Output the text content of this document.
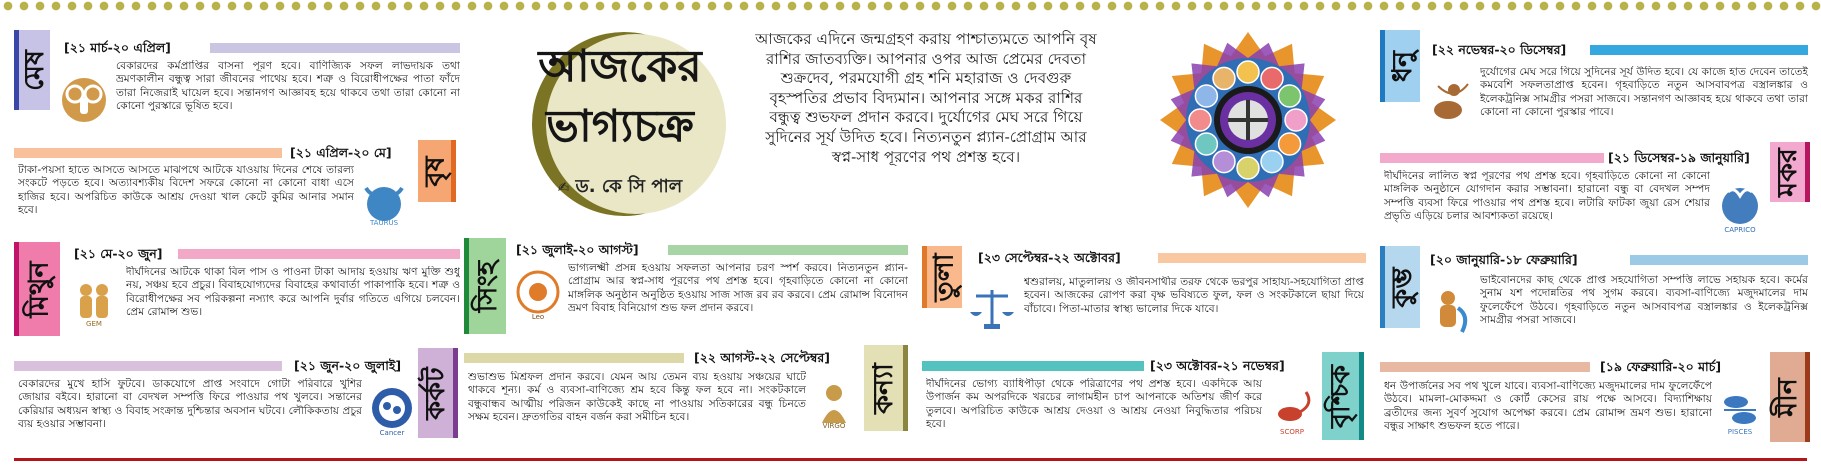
আজকের
ভাগ্যচক্র
✍ ড. কে সি পাল
আজকের এদিনে জন্মগ্রহণ করায় পাশ্চাত্যমতে আপনি বৃষ রাশির জাতব্যক্তি। আপনার ওপর আজ প্রেমের দেবতা শুক্রদেব, পরমযোগী গ্রহ শনি মহারাজ ও দেবগুরু বৃহস্পতির প্রভাব বিদ্যমান। আপনার সঙ্গে মকর রাশির বন্ধুত্ব শুভফল প্রদান করবে। দুর্যোগের মেঘ সরে গিয়ে সুদিনের সূর্য উদিত হবে। নিত্যনতুন প্ল্যান-প্রোগ্রাম আর স্বপ্ন-সাধ পূরণের পথ প্রশস্ত হবে।
মেষ
[২১ মার্চ-২০ এপ্রিল]
বেকারদের কর্মপ্রাপ্তির বাসনা পূরণ হবে। বাণিজ্যিক সফল লাভদায়ক তথা ভ্রমণকালীন বন্ধুত্ব সারা জীবনের পাথেয় হবে। শত্রু ও বিরোধীপক্ষের পাতা ফাঁদে তারা নিজেরাই ঘায়েল হবে। সন্তানগণ আজ্ঞাবহ হয়ে থাকবে তথা তারা কোনো না কোনো পুরস্কারে ভূষিত হবে।
বৃষ
[২১ এপ্রিল-২০ মে]
TAURUS
টাকা-পয়সা হাতে আসতে আসতে মাঝপথে আটকে যাওয়ায় দিনের শেষে তারল্য সংকটে পড়তে হবে। অত্যাবশ্যকীয় বিদেশ সফরে কোনো না কোনো বাধা এসে হাজির হবে। অপরিচিত কাউকে আশ্রয় দেওয়া খাল কেটে কুমির আনার সমান হবে।
মিথুন
[২১ মে-২০ জুন]
GEM
দীর্ঘদিনের আটকে থাকা বিল পাস ও পাওনা টাকা আদায় হওয়ায় ঋণ মুক্তি শুধু নয়, সঞ্চয় হবে প্রচুর। বিবাহযোগ্যদের বিবাহের কথাবার্তা পাকাপাকি হবে। শত্রু ও বিরোধীপক্ষের সব পরিকল্পনা নস্যাৎ করে আপনি দুর্বার গতিতে এগিয়ে চলবেন। প্রেম রোমান্স শুভ।
কর্কট
[২১ জুন-২০ জুলাই]
Cancer
বেকারদের মুখে হাসি ফুটবে। ডাকযোগে প্রাপ্ত সংবাদে গোটা পরিবারে খুশির জোয়ার বইবে। হারানো বা বেদখল সম্পত্তি ফিরে পাওয়ার পথ খুলবে। সন্তানের কেরিয়ার অধ্যয়ন স্বাস্থ্য ও বিবাহ সংক্রান্ত দুশ্চিন্তার অবসান ঘটবে। লৌকিকতায় প্রচুর ব্যয় হওয়ার সম্ভাবনা।
সিংহ
[২১ জুলাই-২০ আগস্ট]
Leo
ভাগ্যলক্ষ্মী প্রসন্ন হওয়ায় সফলতা আপনার চরণ স্পর্শ করবে। নিত্যনতুন প্ল্যান-প্রোগ্রাম আর স্বপ্ন-সাধ পূরণের পথ প্রশস্ত হবে। গৃহবাড়িতে কোনো না কোনো মাঙ্গলিক অনুষ্ঠান অনুষ্ঠিত হওয়ায় সাজ সাজ রব রব করবে। প্রেম রোমান্স বিনোদন ভ্রমণ বিবাহ বিনিয়োগ শুভ ফল প্রদান করবে।
কন্যা
[২২ আগস্ট-২২ সেপ্টেম্বর]
VIRGO
শুভাশুভ মিশ্রফল প্রদান করবে। যেমন আয় তেমন ব্যয় হওয়ায় সঞ্চয়ের ঘাটে থাকবে শূন্য। কর্ম ও ব্যবসা-বাণিজ্যে শ্রম হবে কিন্তু ফল হবে না। সংকটকালে বন্ধুবান্ধব আত্মীয় পরিজন কাউকেই কাছে না পাওয়ায় সতিকারের বন্ধু চিনতে সক্ষম হবেন। দ্রুতগতির বাহন বর্জন করা সমীচিন হবে।
তুলা [২৩ সেপ্টেম্বর-২২ অক্টোবর]
শ্বশুরালয়, মাতুলালয় ও জীবনসাথীর তরফ থেকে ভরপুর সাহায্য-সহযোগিতা প্রাপ্ত হবেন। আজকের রোপণ করা বৃক্ষ ভবিষ্যতে ফুল, ফল ও সংকটকালে ছায়া দিয়ে বাঁচাবে। পিতা-মাতার স্বাস্থ্য ভালোর দিকে যাবে।
বৃশ্চিক
[২৩ অক্টোবর-২১ নভেম্বর]
SCORP
দীর্ঘদিনের ভোগ্য ব্যাধিপীড়া থেকে পরিত্রাণের পথ প্রশস্ত হবে। একদিকে আয় উপার্জন কম অপরদিকে খরচের লাগামহীন চাপ আপনাকে অতিশয় জীর্ণ করে তুলবে। অপরিচিত কাউকে আশ্রয় দেওয়া ও আশ্রয় নেওয়া নিবুদ্ধিতার পরিচয় হবে।
ধনু
[২২ নভেম্বর-২০ ডিসেম্বর]
দুর্যোগের মেঘ সরে গিয়ে সুদিনের সূর্য উদিত হবে। যে কাজে হাত দেবেন তাতেই কমবেশি সফলতাপ্রাপ্ত হবেন। গৃহবাড়িতে নতুন আসবাবপত্র বস্ত্রালঙ্কার ও ইলেকট্রনিক্স সামগ্রীর পসরা সাজবে। সন্তানগণ আজ্ঞাবহ হয়ে থাকবে তথা তারা কোনো না কোনো পুরস্কার পাবে।
মকর
[২১ ডিসেম্বর-১৯ জানুয়ারি]
CAPRICO
দীর্ঘদিনের লালিত স্বপ্ন পূরণের পথ প্রশস্ত হবে। গৃহবাড়িতে কোনো না কোনো মাঙ্গলিক অনুষ্ঠানে যোগদান করার সম্ভাবনা। হারানো বন্ধু বা বেদখল সম্পদ সম্পত্তি ব্যবসা ফিরে পাওয়ার পথ প্রশস্ত হবে। লটারি ফাটকা জুয়া রেস শেয়ার প্রভৃতি এড়িয়ে চলার আবশ্যকতা রয়েছে।
কুম্ভ
[২০ জানুয়ারি-১৮ ফেব্রুয়ারি]
ভাইবোনদের কাছ থেকে প্রাপ্ত সহযোগিতা সম্পত্তি লাভে সহায়ক হবে। কর্মের সুনাম যশ পদোন্নতির পথ সুগম করবে। ব্যবসা-বাণিজ্যে মজুদমালের দাম ফুলেফেঁপে উঠবে। গৃহবাড়িতে নতুন আসবাবপত্র বস্ত্রালঙ্কার ও ইলেকট্রনিক্স সামগ্রীর পসরা সাজবে।
মীন
[১৯ ফেব্রুয়ারি-২০ মার্চ]
PISCES
ধন উপার্জনের সব পথ খুলে যাবে। ব্যবসা-বাণিজ্যে মজুদমালের দাম ফুলেফেঁপে উঠবে। মামলা-মোকদ্দমা ও কোর্ট কেসের রায় পক্ষে আসবে। বিদ্যাশিক্ষায় ব্রতীদের জন্য সুবর্ণ সুযোগ অপেক্ষা করবে। প্রেম রোমান্স ভ্রমণ শুভ। হারানো বন্ধুর সাক্ষাৎ শুভফল হতে পারে।
